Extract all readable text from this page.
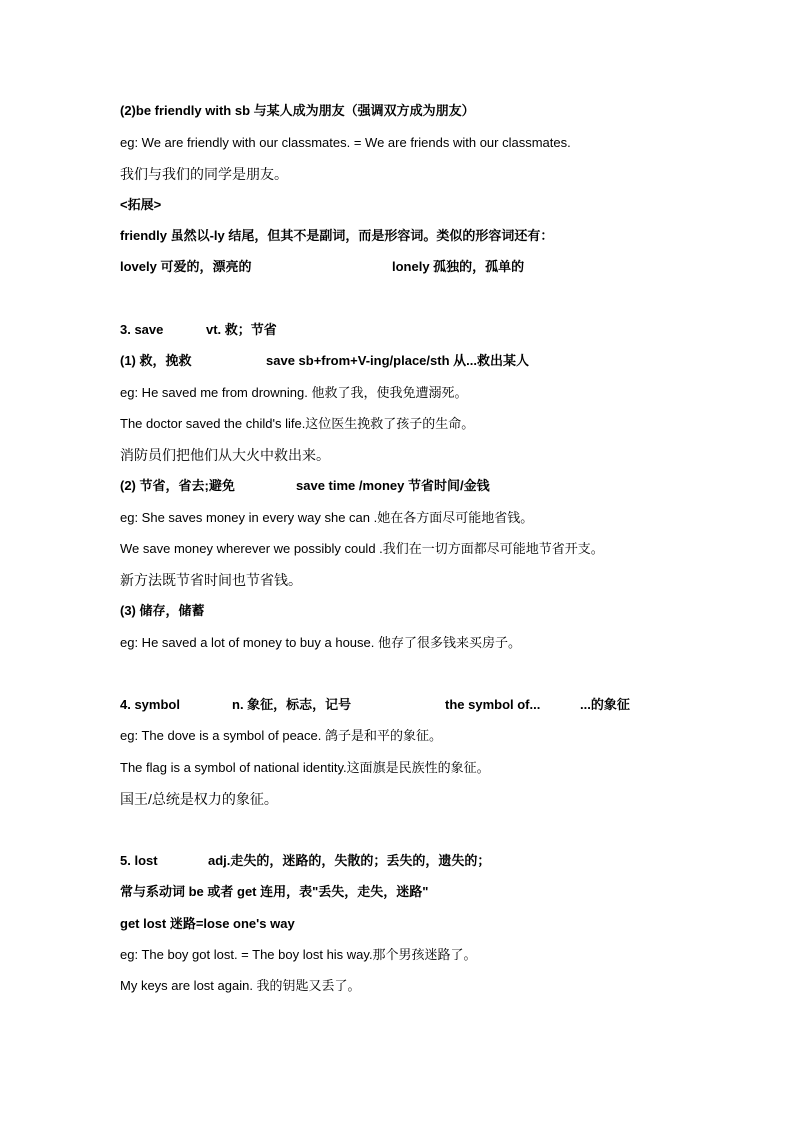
(2)be friendly with sb 与某人成为朋友（强调双方成为朋友）
eg: We are friendly with our classmates. = We are friends with our classmates.
我们与我们的同学是朋友。
<拓展>
friendly 虽然以-ly 结尾，但其不是副词，而是形容词。类似的形容词还有：
lovely 可爱的，漂亮的	lonely 孤独的，孤单的
3. save	vt. 救；节省
(1) 救，挽救	save sb+from+V-ing/place/sth 从...救出某人
eg: He saved me from drowning. 他救了我，使我免遭溺死。
The doctor saved the child's life.这位医生挽救了孩子的生命。
消防员们把他们从大火中救出来。
(2) 节省，省去;避免	save time /money 节省时间/金钱
eg: She saves money in every way she can .她在各方面尽可能地省钱。
We save money wherever we possibly could .我们在一切方面都尽可能地节省开支。
新方法既节省时间也节省钱。
(3) 储存，储蓄
eg: He saved a lot of money to buy a house. 他存了很多钱来买房子。
4. symbol	n. 象征，标志，记号	the symbol of...	...的象征
eg: The dove is a symbol of peace. 鸽子是和平的象征。
The flag is a symbol of national identity.这面旗是民族性的象征。
国王/总统是权力的象征。
5. lost	adj.走失的，迷路的，失散的；丢失的，遗失的；
常与系动词 be 或者 get 连用，表"丢失，走失，迷路"
get lost 迷路=lose one's way
eg: The boy got lost. = The boy lost his way.那个男孩迷路了。
My keys are lost again. 我的钥匙又丢了。
